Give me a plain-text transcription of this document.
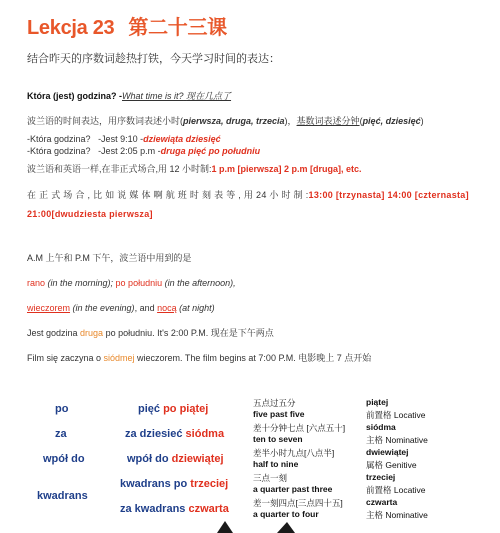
Lekcja 23 第二十三课
结合昨天的序数词趁热打铁，今天学习时间的表达：
Która (jest) godzina? -What time is it? 现在几点了
波兰语的时间表达，用序数词表述小时(pierwsza, druga, trzecia)，基数词表述分钟(pięć, dziesięć)
-Która godzina? -Jest 9:10 -dziewiąta dziesięć
-Która godzina? -Jest 2:05 p.m -druga pięć po południu
波兰语和英语一样,在非正式场合,用 12 小时制:1 p.m [pierwsza] 2 p.m [druga], etc.
在 正 式 场 合 , 比 如 说 媒 体 啊 航 班 时 刻 表 等 , 用 24 小 时 制 :13:00 [trzynasta] 14:00 [czternasta] 21:00[dwudziesta pierwsza]
A.M 上午和 P.M 下午，波兰语中用到的是
rano (in the morning); po południu (in the afternoon),
wieczorem (in the evening), and nocą (at night)
Jest godzina druga po południu. It's 2:00 P.M. 现在是下午两点
Film się zaczyna o siódmej wieczorem. The film begins at 7:00 P.M. 电影晚上 7 点开始
po
za
wpół do
kwadrans
pięć po piątej
za dziesieć siódma
wpół do dziewiątej
kwadrans po trzeciej
za kwadrans czwarta
五点过五分
five past five
差十分钟七点 [六点五十]
ten to seven
差半小时九点[八点半]
half to nine
三点一刻
a quarter past three
差一刻四点[三点四十五]
a quarter to four
piątej
前置格 Locative
siódma
主格 Nominative
dwiewiątej
属格 Genitive
trzeciej
前置格 Locative
czwarta
主格 Nominative
